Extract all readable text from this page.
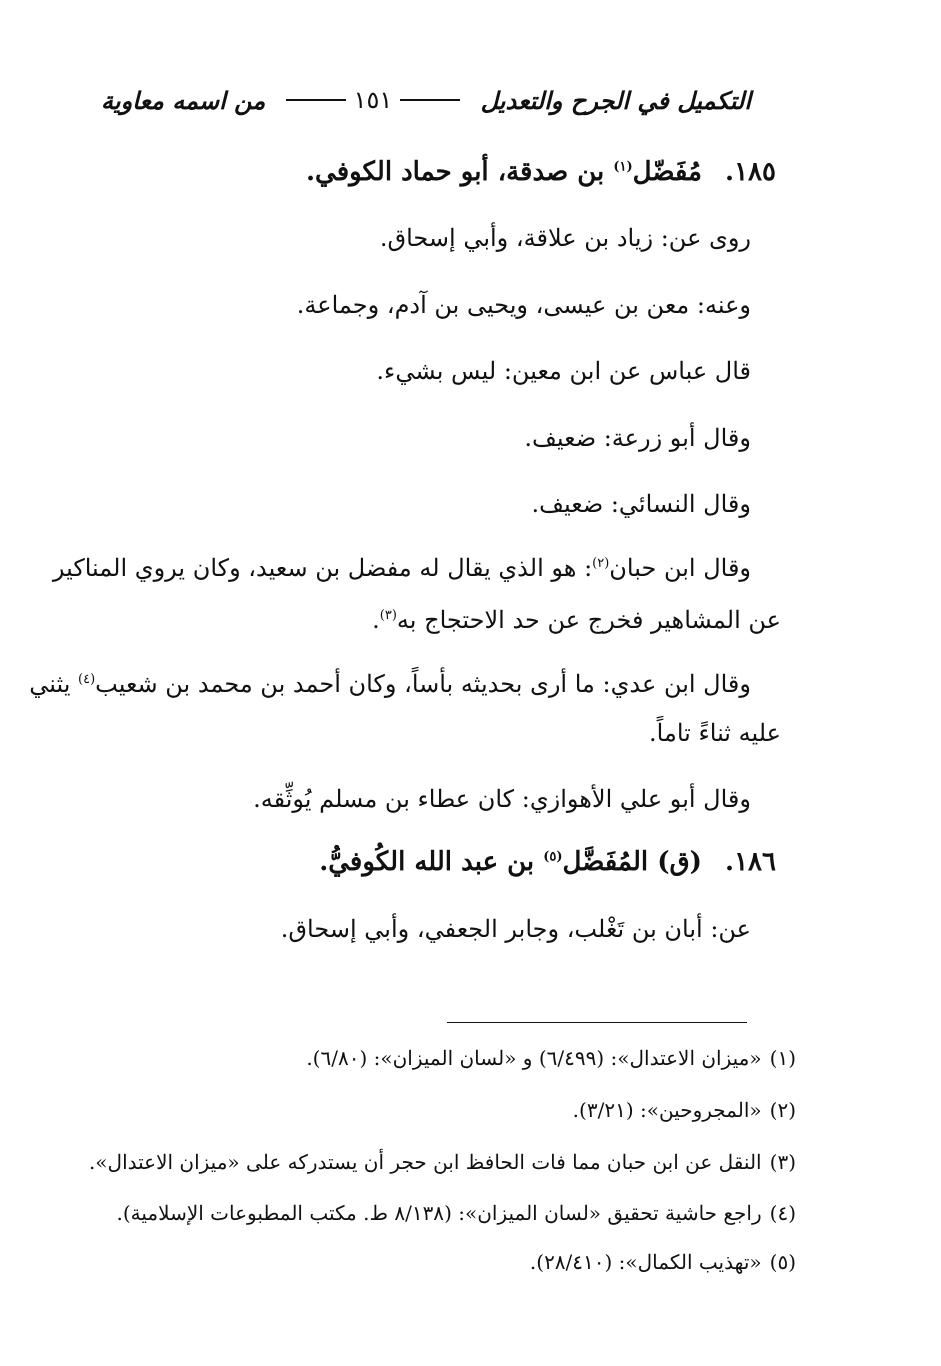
التكميل في الجرح والتعديل
١٥١
من اسمه معاوية
١٨٥. مُفَضّل$^{(١)}$ بن صدقة، أبو حماد الكوفي.
روى عن: زياد بن علاقة، وأبي إسحاق.
وعنه: معن بن عيسى، ويحيى بن آدم، وجماعة.
قال عباس عن ابن معين: ليس بشيء.
وقال أبو زرعة: ضعيف.
وقال النسائي: ضعيف.
وقال ابن حبان$^{(٢)}$: هو الذي يقال له مفضل بن سعيد، وكان يروي المناكير
عن المشاهير فخرج عن حد الاحتجاج به$^{(٣)}$.
وقال ابن عدي: ما أرى بحديثه بأساً، وكان أحمد بن محمد بن شعيب$^{(٤)}$ يثني
عليه ثناءً تاماً.
وقال أبو علي الأهوازي: كان عطاء بن مسلم يُوثِّقه.
١٨٦. (ق) المُفَضَّل$^{(٥)}$ بن عبد الله الكُوفيُّ.
عن: أبان بن تَغْلب، وجابر الجعفي، وأبي إسحاق.
(١)«ميزان الاعتدال»: (٦/٤٩٩) و «لسان الميزان»: (٦/٨٠).
(٢)«المجروحين»: (٣/٢١).
(٣)النقل عن ابن حبان مما فات الحافظ ابن حجر أن يستدركه على «ميزان الاعتدال».
(٤)راجع حاشية تحقيق «لسان الميزان»: (٨/١٣٨ ط. مكتب المطبوعات الإسلامية).
(٥)«تهذيب الكمال»: (٢٨/٤١٠).
